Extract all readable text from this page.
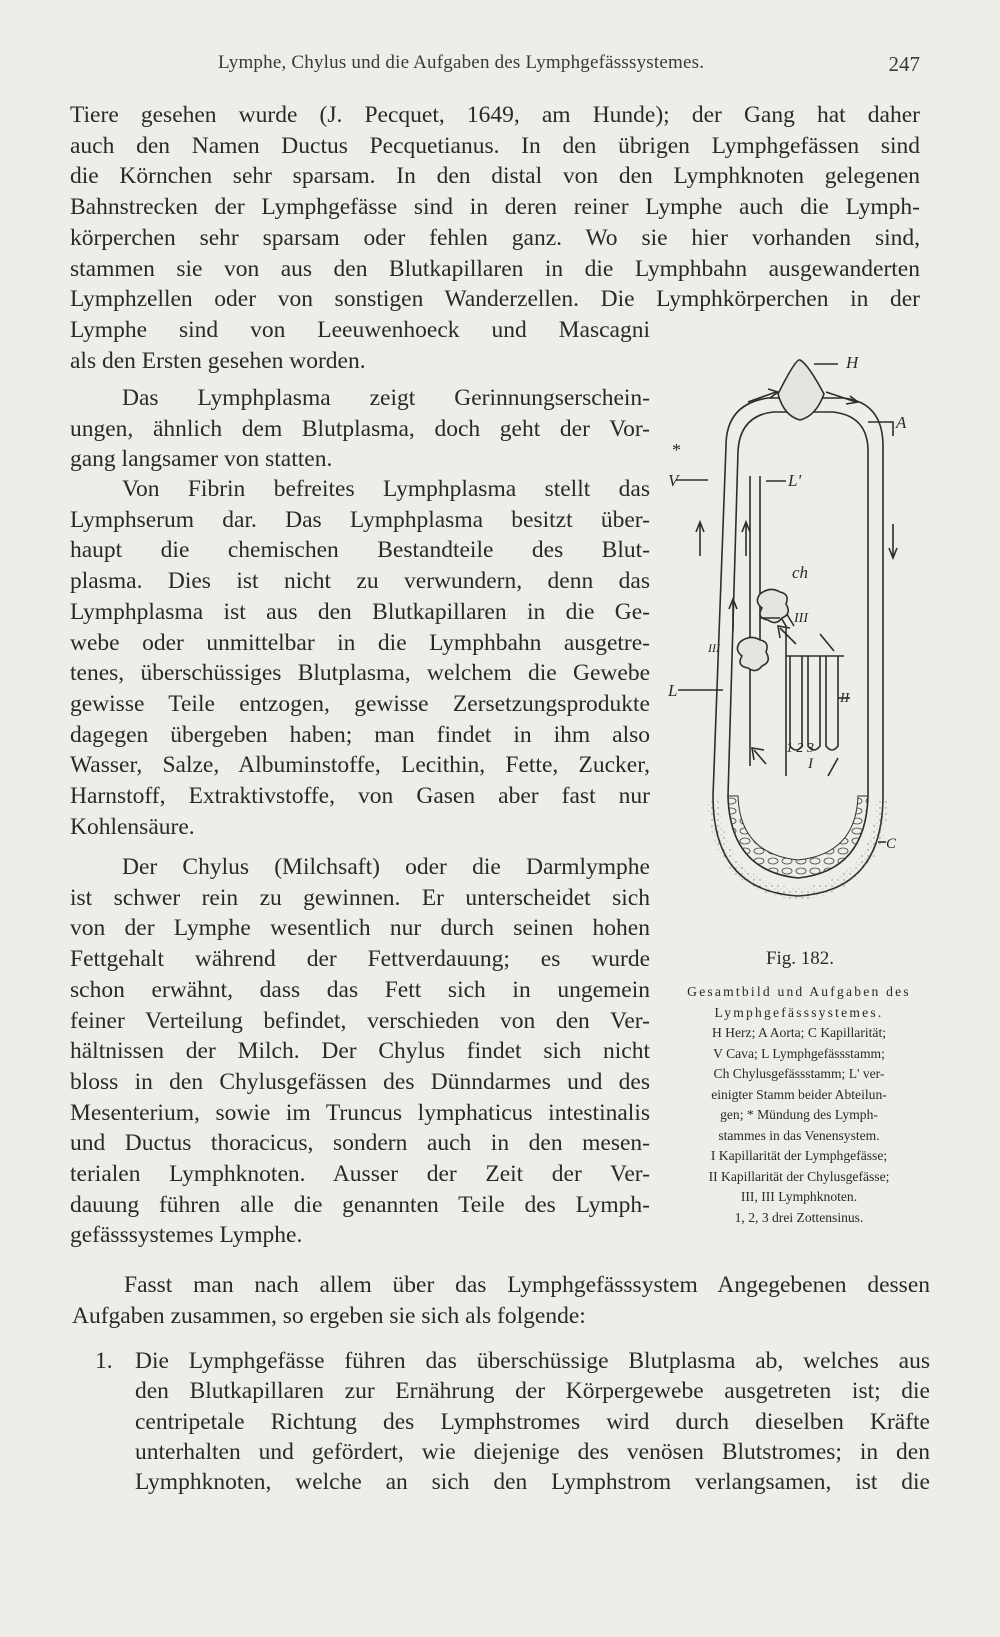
Lymphe, Chylus und die Aufgaben des Lymphgefässsystemes.	247

Tiere gesehen wurde (J. Pecquet, 1649, am Hunde); der Gang hat daher
auch den Namen Ductus Pecquetianus. In den übrigen Lymphgefässen sind
die Körnchen sehr sparsam. In den distal von den Lymphknoten gelegenen
Bahnstrecken der Lymphgefässe sind in deren reiner Lymphe auch die Lymph-
körperchen sehr sparsam oder fehlen ganz. Wo sie hier vorhanden sind,
stammen sie von aus den Blutkapillaren in die Lymphbahn ausgewanderten
Lymphzellen oder von sonstigen Wanderzellen. Die Lymphkörperchen in der
Lymphe sind von Leeuwenhoeck und Mascagni
als den Ersten gesehen worden.

Das Lymphplasma zeigt Gerinnungserschein-
ungen, ähnlich dem Blutplasma, doch geht der Vor-
gang langsamer von statten.

Von Fibrin befreites Lymphplasma stellt das
Lymphserum dar. Das Lymphplasma besitzt über-
haupt die chemischen Bestandteile des Blut-
plasma. Dies ist nicht zu verwundern, denn das
Lymphplasma ist aus den Blutkapillaren in die Ge-
webe oder unmittelbar in die Lymphbahn ausgetre-
tenes, überschüssiges Blutplasma, welchem die Gewebe
gewisse Teile entzogen, gewisse Zersetzungsprodukte
dagegen übergeben haben; man findet in ihm also
Wasser, Salze, Albuminstoffe, Lecithin, Fette, Zucker,
Harnstoff, Extraktivstoffe, von Gasen aber fast nur
Kohlensäure.

Der Chylus (Milchsaft) oder die Darmlymphe
ist schwer rein zu gewinnen. Er unterscheidet sich
von der Lymphe wesentlich nur durch seinen hohen
Fettgehalt während der Fettverdauung; es wurde
schon erwähnt, dass das Fett sich in ungemein
feiner Verteilung befindet, verschieden von den Ver-
hältnissen der Milch. Der Chylus findet sich nicht
bloss in den Chylusgefässen des Dünndarmes und des
Mesenterium, sowie im Truncus lymphaticus intestinalis
und Ductus thoracicus, sondern auch in den mesen-
terialen Lymphknoten. Ausser der Zeit der Ver-
dauung führen alle die genannten Teile des Lymph-
gefässsystemes Lymphe.

H
A
V	L'
ch
III
III
L	II
1 2 3
I
C
*
Fig. 182.
Gesamtbild und Aufgaben des Lymphgefässsystemes.
H Herz; A Aorta; C Kapillarität;
V Cava; L Lymphgefässstamm;
Ch Chylusgefässstamm; L' ver-
einigter Stamm beider Abteilun-
gen; * Mündung des Lymph-
stammes in das Venensystem.
I Kapillarität der Lymphgefässe;
II Kapillarität der Chylusgefässe;
III, III Lymphknoten.
1, 2, 3 drei Zottensinus.
Fasst man nach allem über das Lymphgefässsystem Angegebenen dessen
Aufgaben zusammen, so ergeben sie sich als folgende:
1. Die Lymphgefässe führen das überschüssige Blutplasma ab, welches aus
den Blutkapillaren zur Ernährung der Körpergewebe ausgetreten ist; die
centripetale Richtung des Lymphstromes wird durch dieselben Kräfte
unterhalten und gefördert, wie diejenige des venösen Blutstromes; in den
Lymphknoten, welche an sich den Lymphstrom verlangsamen, ist die
